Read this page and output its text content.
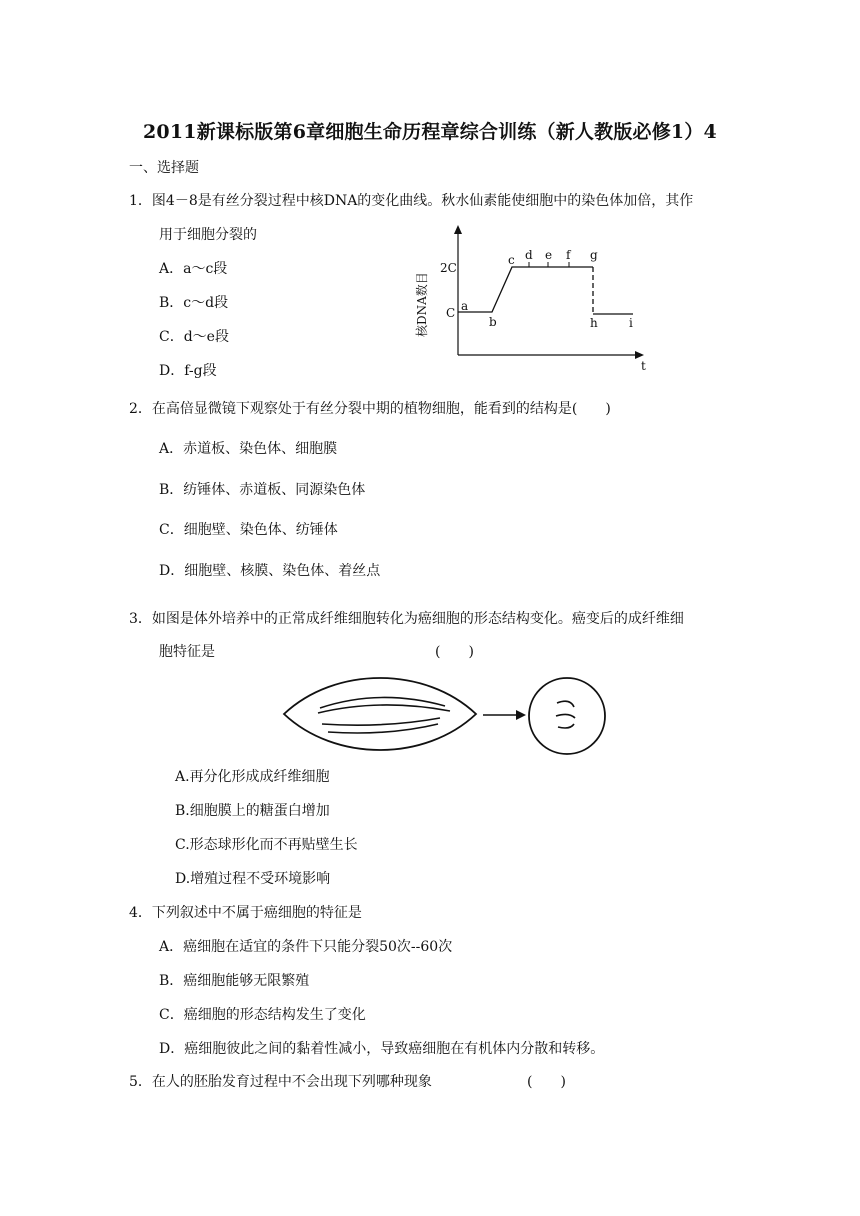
2011新课标版第6章细胞生命历程章综合训练（新人教版必修1）4
一、选择题
1．图4－8是有丝分裂过程中核DNA的变化曲线。秋水仙素能使细胞中的染色体加倍，其作
用于细胞分裂的
A．a～c段
B．c～d段
C．d～e段
D．f-g段
核DNA数目
2C
C a
b
c d e f g
h	i
t
2．在高倍显微镜下观察处于有丝分裂中期的植物细胞，能看到的结构是(　　)
A．赤道板、染色体、细胞膜
B．纺锤体、赤道板、同源染色体
C．细胞壁、染色体、纺锤体
D．细胞壁、核膜、染色体、着丝点
3．如图是体外培养中的正常成纤维细胞转化为癌细胞的形态结构变化。癌变后的成纤维细
胞特征是	(　　)
A.再分化形成成纤维细胞
B.细胞膜上的糖蛋白增加
C.形态球形化而不再贴壁生长
D.增殖过程不受环境影响
4．下列叙述中不属于癌细胞的特征是
A．癌细胞在适宜的条件下只能分裂50次--60次
B．癌细胞能够无限繁殖
C．癌细胞的形态结构发生了变化
D．癌细胞彼此之间的黏着性减小，导致癌细胞在有机体内分散和转移。
5．在人的胚胎发育过程中不会出现下列哪种现象	(　　)
